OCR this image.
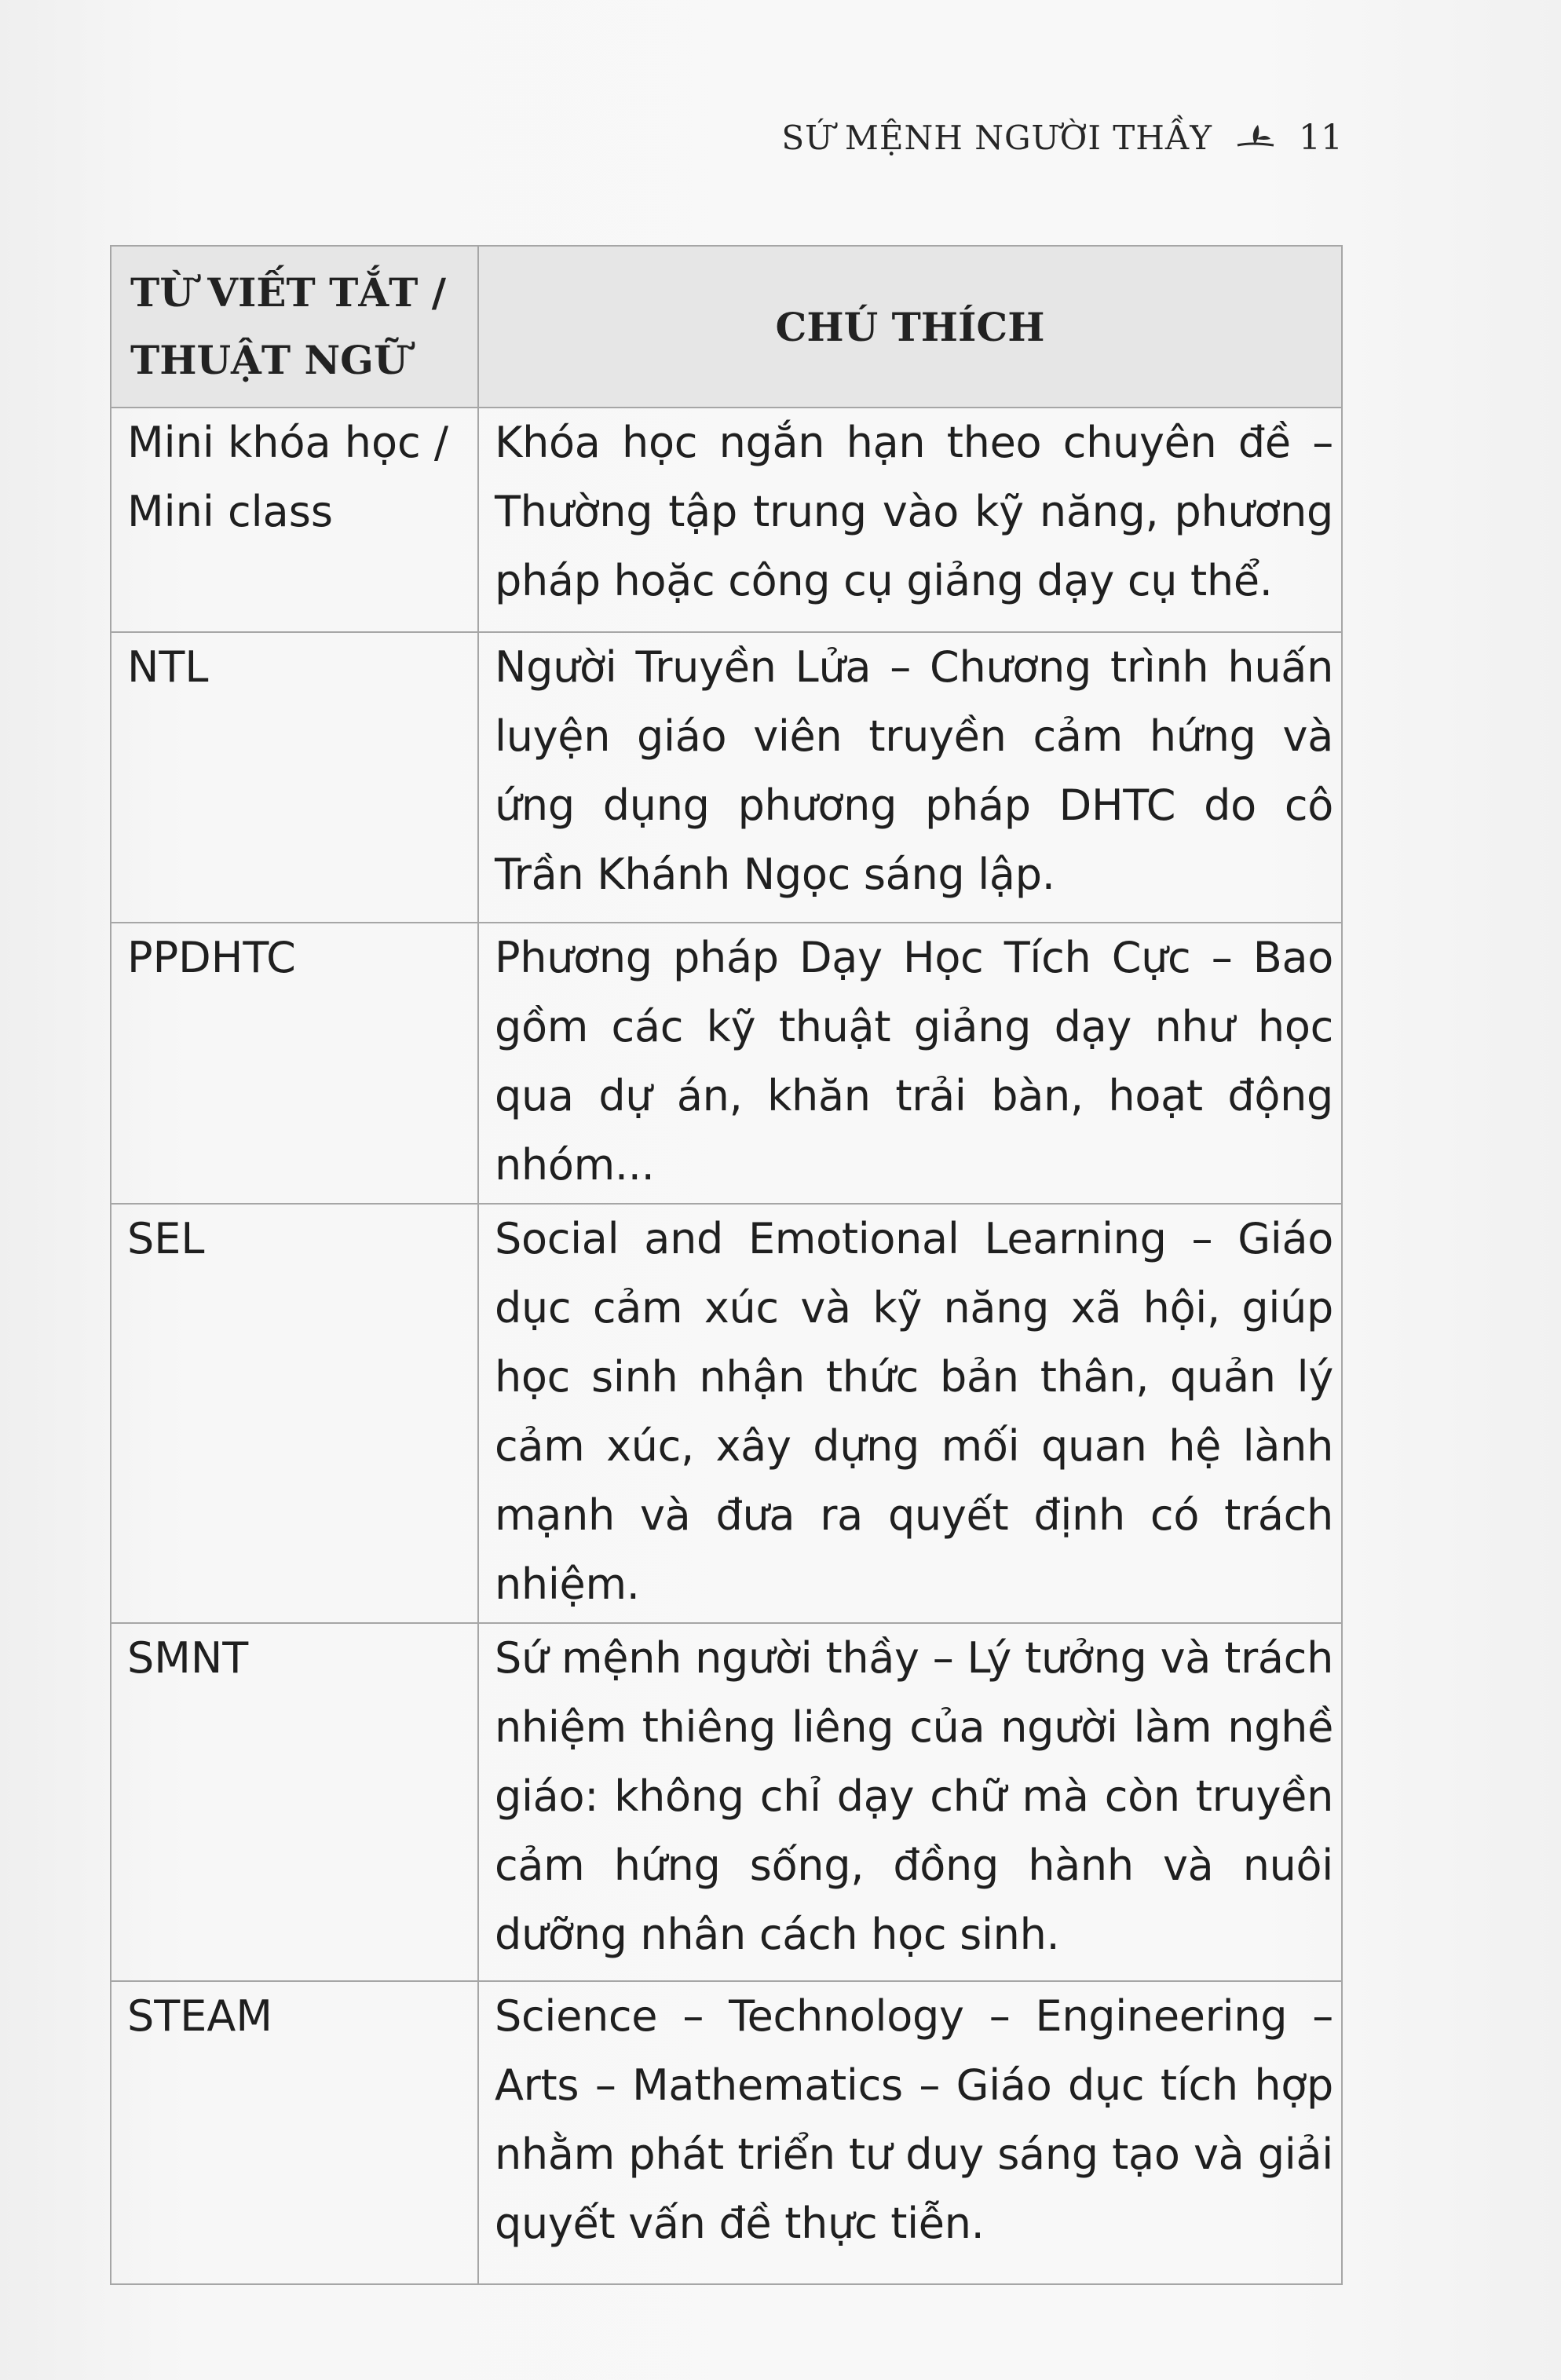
SỨ MỆNH NGƯỜI THẦY	11
TỪ VIẾT TẮT / THUẬT NGỮ	CHÚ THÍCH
Mini khóa học / Mini class	Khóa học ngắn hạn theo chuyên đề – Thường tập trung vào kỹ năng, phương pháp hoặc công cụ giảng dạy cụ thể.
NTL	Người Truyền Lửa – Chương trình huấn luyện giáo viên truyền cảm hứng và ứng dụng phương pháp DHTC do cô Trần Khánh Ngọc sáng lập.
PPDHTC	Phương pháp Dạy Học Tích Cực – Bao gồm các kỹ thuật giảng dạy như học qua dự án, khăn trải bàn, hoạt động nhóm...
SEL	Social and Emotional Learning – Giáo dục cảm xúc và kỹ năng xã hội, giúp học sinh nhận thức bản thân, quản lý cảm xúc, xây dựng mối quan hệ lành mạnh và đưa ra quyết định có trách nhiệm.
SMNT	Sứ mệnh người thầy – Lý tưởng và trách nhiệm thiêng liêng của người làm nghề giáo: không chỉ dạy chữ mà còn truyền cảm hứng sống, đồng hành và nuôi dưỡng nhân cách học sinh.
STEAM	Science – Technology – Engineering – Arts – Mathematics – Giáo dục tích hợp nhằm phát triển tư duy sáng tạo và giải quyết vấn đề thực tiễn.
